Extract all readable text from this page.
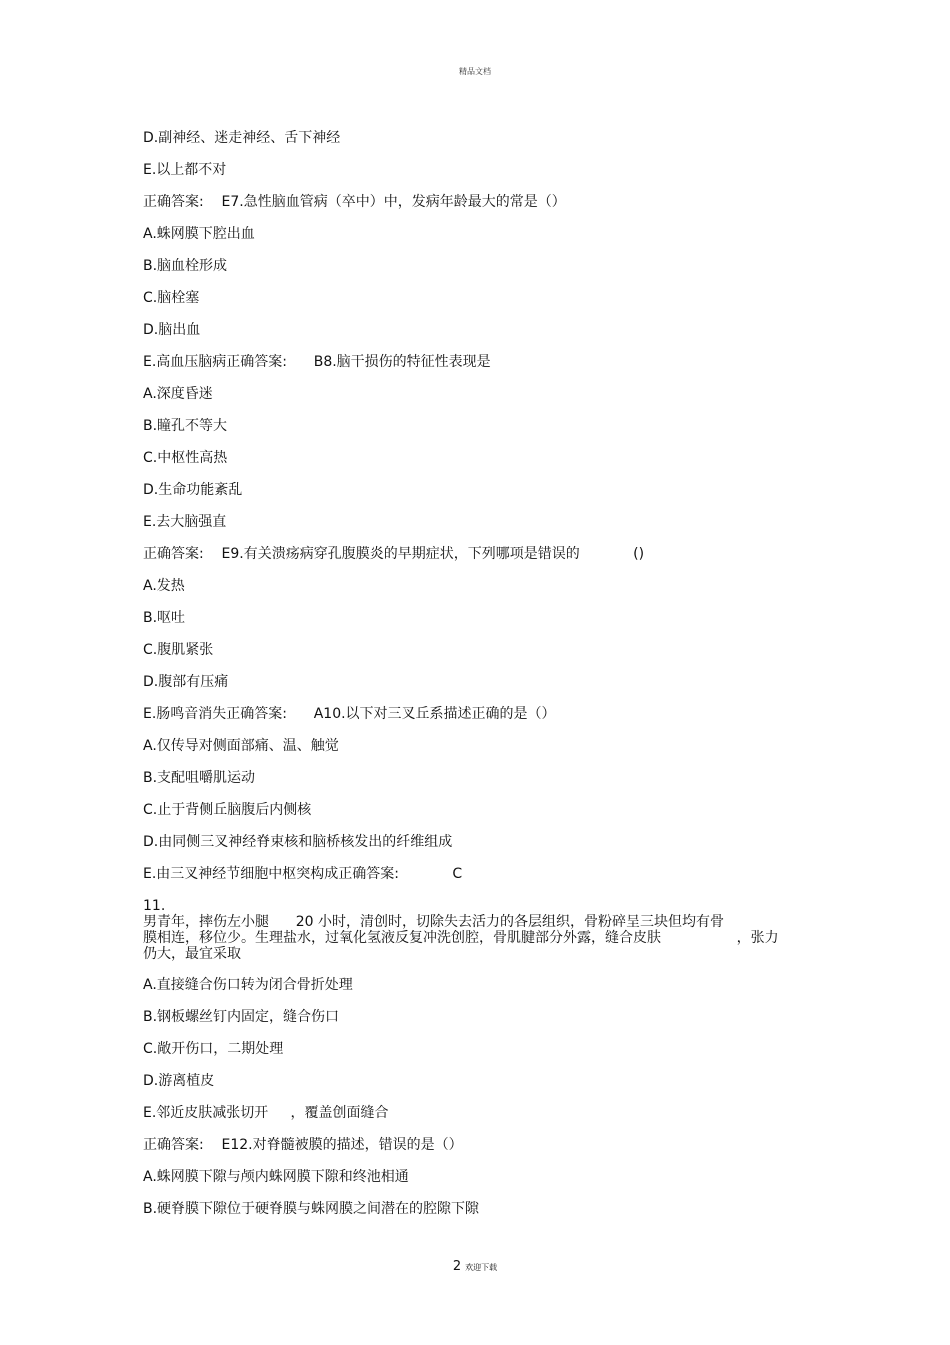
精品文档
D.副神经、迷走神经、舌下神经
E.以上都不对
正确答案:    E7.急性脑血管病（卒中）中，发病年龄最大的常是（）
A.蛛网膜下腔出血
B.脑血栓形成
C.脑栓塞
D.脑出血
E.高血压脑病正确答案:      B8.脑干损伤的特征性表现是
A.深度昏迷
B.瞳孔不等大
C.中枢性高热
D.生命功能紊乱
E.去大脑强直
正确答案:    E9.有关溃疡病穿孔腹膜炎的早期症状，下列哪项是错误的            ()
A.发热
B.呕吐
C.腹肌紧张
D.腹部有压痛
E.肠鸣音消失正确答案:      A10.以下对三叉丘系描述正确的是（）
A.仅传导对侧面部痛、温、触觉
B.支配咀嚼肌运动
C.止于背侧丘脑腹后内侧核
D.由同侧三叉神经脊束核和脑桥核发出的纤维组成
E.由三叉神经节细胞中枢突构成正确答案:            C
11.
男青年，摔伤左小腿      20 小时，清创时，切除失去活力的各层组织，骨粉碎呈三块但均有骨
膜相连，移位少。生理盐水，过氧化氢液反复冲洗创腔，骨肌腱部分外露，缝合皮肤                 ，张力
仍大，最宜采取
A.直接缝合伤口转为闭合骨折处理
B.钢板螺丝钉内固定，缝合伤口
C.敞开伤口，二期处理
D.游离植皮
E.邻近皮肤减张切开     ，覆盖创面缝合
正确答案:    E12.对脊髓被膜的描述，错误的是（）
A.蛛网膜下隙与颅内蛛网膜下隙和终池相通
B.硬脊膜下隙位于硬脊膜与蛛网膜之间潜在的腔隙下隙
2 欢迎下载
